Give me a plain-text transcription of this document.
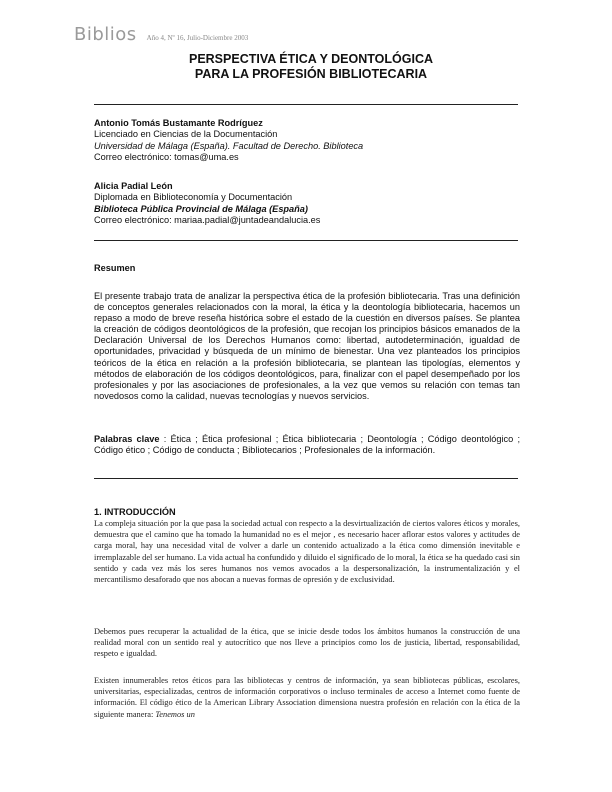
Biblios Año 4, Nº 16, Julio-Diciembre 2003
PERSPECTIVA ÉTICA Y DEONTOLÓGICA
PARA LA PROFESIÓN BIBLIOTECARIA
Antonio Tomás Bustamante Rodríguez
Licenciado en Ciencias de la Documentación
Universidad de Málaga (España). Facultad de Derecho. Biblioteca
Correo electrónico: tomas@uma.es
Alicia Padial León
Diplomada en Biblioteconomía y Documentación
Biblioteca Pública Provincial de Málaga (España)
Correo electrónico: mariaa.padial@juntadeandalucia.es
Resumen
El presente trabajo trata de analizar la perspectiva ética de la profesión bibliotecaria. Tras una definición de conceptos generales relacionados con la moral, la ética y la deontología bibliotecaria, hacemos un repaso a modo de breve reseña histórica sobre el estado de la cuestión en diversos países. Se plantea la creación de códigos deontológicos de la profesión, que recojan los principios básicos emanados de la Declaración Universal de los Derechos Humanos como: libertad, autodeterminación, igualdad de oportunidades, privacidad y búsqueda de un mínimo de bienestar. Una vez planteados los principios teóricos de la ética en relación a la profesión bibliotecaria, se plantean las tipologías, elementos y métodos de elaboración de los códigos deontológicos, para, finalizar con el papel desempeñado por los profesionales y por las asociaciones de profesionales, a la vez que vemos su relación con temas tan novedosos como la calidad, nuevas tecnologías y nuevos servicios.
Palabras clave : Ética ; Ética profesional ; Ética bibliotecaria ; Deontología ; Código deontológico ; Código ético ; Código de conducta ; Bibliotecarios ; Profesionales de la información.
1. INTRODUCCIÓN
La compleja situación por la que pasa la sociedad actual con respecto a la desvirtualización de ciertos valores éticos y morales, demuestra que el camino que ha tomado la humanidad no es el mejor , es necesario hacer aflorar estos valores y actitudes de carga moral, hay una necesidad vital de volver a darle un contenido actualizado a la ética como dimensión inevitable e irremplazable del ser humano. La vida actual ha confundido y diluido el significado de lo moral, la ética se ha quedado casi sin sentido y cada vez más los seres humanos nos vemos avocados a la despersonalización, la instrumentalización y el mercantilismo desaforado que nos abocan a nuevas formas de opresión y de exclusividad.
Debemos pues recuperar la actualidad de la ética, que se inicie desde todos los ámbitos humanos la construcción de una realidad moral con un sentido real y autocrítico que nos lleve a principios como los de justicia, libertad, responsabilidad, respeto e igualdad.
Existen innumerables retos éticos para las bibliotecas y centros de información, ya sean bibliotecas públicas, escolares, universitarias, especializadas, centros de información corporativos o incluso terminales de acceso a Internet como fuente de información. El código ético de la American Library Association dimensiona nuestra profesión en relación con la ética de la siguiente manera: Tenemos un
